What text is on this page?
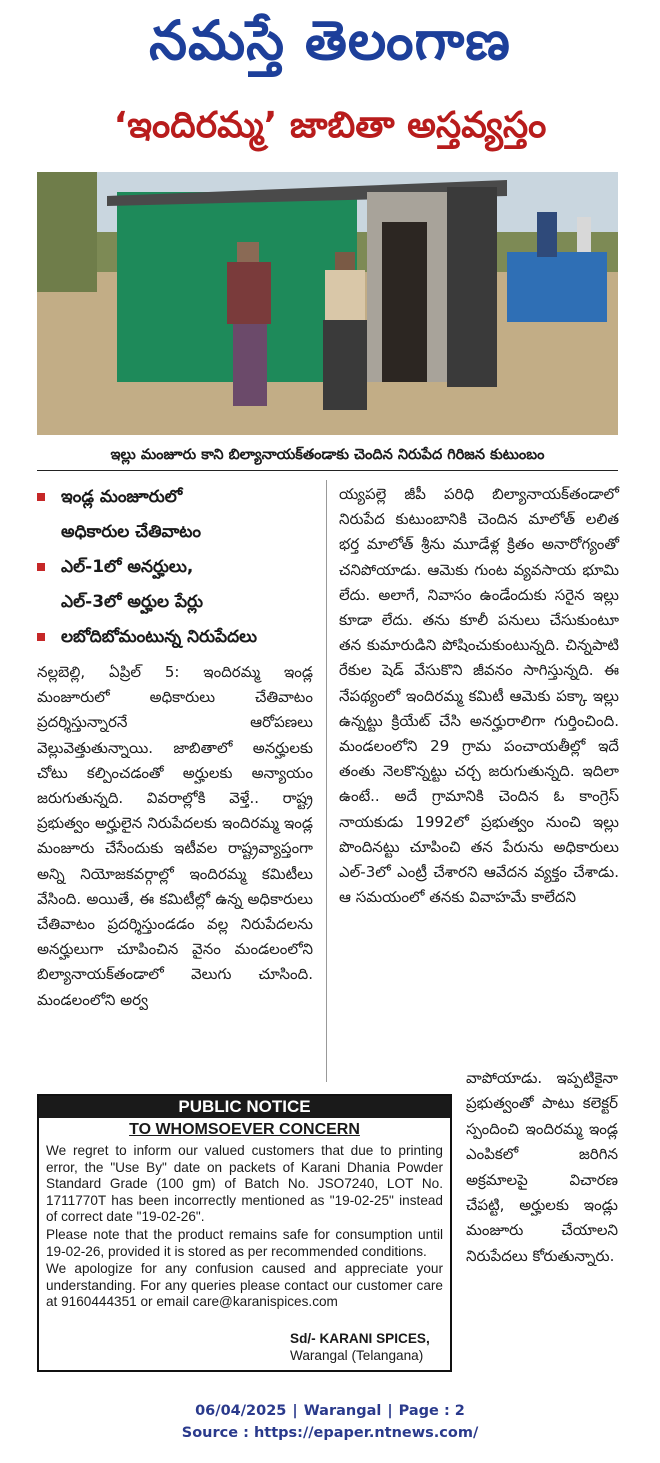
నమస్తే తెలంగాణ
‘ఇందిరమ్మ’ జాబితా అస్తవ్యస్తం
ఇల్లు మంజూరు కాని బిల్యానాయక్‌తండాకు చెందిన నిరుపేద గిరిజన కుటుంబం
ఇండ్ల మంజూరులో
అధికారుల చేతివాటం
ఎల్‌-1లో అనర్హులు,
ఎల్‌-3లో అర్హుల పేర్లు
లబోదిబోమంటున్న నిరుపేదలు

నల్లబెల్లి, ఏప్రిల్‌ 5: ఇందిరమ్మ ఇండ్ల మంజూరులో అధికారులు చేతివాటం ప్రదర్శిస్తున్నారనే ఆరోపణలు వెల్లువెత్తుతున్నాయి. జాబితాలో అనర్హులకు చోటు కల్పించడంతో అర్హులకు అన్యాయం జరుగుతున్నది. వివరాల్లోకి వెళ్తే.. రాష్ట్ర ప్రభుత్వం అర్హులైన నిరుపేదలకు ఇందిరమ్మ ఇండ్ల మంజూరు చేసేందుకు ఇటీవల రాష్ట్రవ్యాప్తంగా అన్ని నియోజకవర్గాల్లో ఇందిరమ్మ కమిటీలు వేసింది. అయితే, ఈ కమిటీల్లో ఉన్న అధికారులు చేతివాటం ప్రదర్శిస్తుండడం వల్ల నిరుపేదలను అనర్హులుగా చూపించిన వైనం మండలంలోని బిల్యానాయక్‌తండాలో వెలుగు చూసింది. మండలంలోని అర్వ

య్యపల్లె జీపీ పరిధి బిల్యానాయక్‌తండాలో నిరుపేద కుటుంబానికి చెందిన మాలోత్‌ లలిత భర్త మాలోత్‌ శ్రీను మూడేళ్ల క్రితం అనారోగ్యంతో చనిపోయాడు. ఆమెకు గుంట వ్యవసాయ భూమి లేదు. అలాగే, నివాసం ఉండేందుకు సరైన ఇల్లు కూడా లేదు. తను కూలీ పనులు చేసుకుంటూ తన కుమారుడిని పోషించుకుంటున్నది. చిన్నపాటి రేకుల షెడ్‌ వేసుకొని జీవనం సాగిస్తున్నది. ఈ నేపథ్యంలో ఇందిరమ్మ కమిటీ ఆమెకు పక్కా ఇల్లు ఉన్నట్టు క్రియేట్‌ చేసి అనర్హురాలిగా గుర్తించింది. మండలంలోని 29 గ్రామ పంచాయతీల్లో ఇదే తంతు నెలకొన్నట్టు చర్చ జరుగుతున్నది. ఇదిలా ఉంటే.. అదే గ్రామానికి చెందిన ఓ కాంగ్రెస్‌ నాయకుడు 1992లో ప్రభుత్వం నుంచి ఇల్లు పొందినట్టు చూపించి తన పేరును అధికారులు ఎల్‌-3లో ఎంట్రీ చేశారని ఆవేదన వ్యక్తం చేశాడు. ఆ సమయంలో తనకు వివాహమే కాలేదని

వాపోయాడు. ఇప్పటికైనా ప్రభుత్వంతో పాటు కలెక్టర్‌ స్పందించి ఇందిరమ్మ ఇండ్ల ఎంపికలో జరిగిన అక్రమాలపై విచారణ చేపట్టి, అర్హులకు ఇండ్లు మంజూరు చేయాలని నిరుపేదలు కోరుతున్నారు.

PUBLIC NOTICE
TO WHOMSOEVER CONCERN

We regret to inform our valued customers that due to printing error, the "Use By" date on packets of Karani Dhania Powder Standard Grade (100 gm) of Batch No. JSO7240, LOT No. 1711770T has been incorrectly mentioned as "19-02-25" instead of correct date "19-02-26".

Please note that the product remains safe for consumption until 19-02-26, provided it is stored as per recommended conditions.

We apologize for any confusion caused and appreciate your understanding. For any queries please contact our customer care at 9160444351 or email care@karanispices.com

Sd/- KARANI SPICES,
Warangal (Telangana)
06/04/2025 | Warangal | Page : 2
Source : https://epaper.ntnews.com/
